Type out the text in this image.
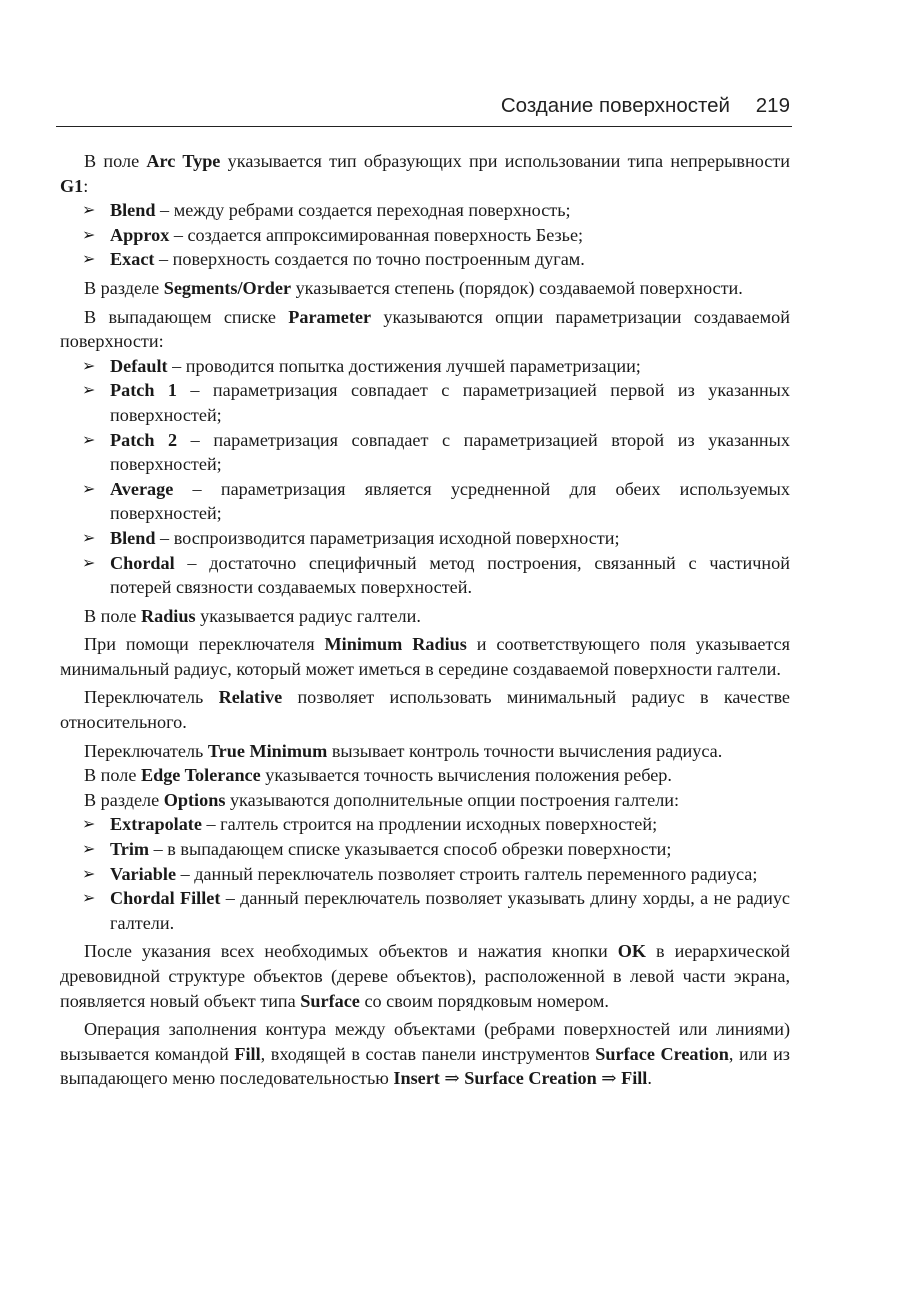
Создание поверхностей 219
В поле Arc Type указывается тип образующих при использовании типа непрерывности G1:
➢ Blend – между ребрами создается переходная поверхность;
➢ Approx – создается аппроксимированная поверхность Безье;
➢ Exact – поверхность создается по точно построенным дугам.
В разделе Segments/Order указывается степень (порядок) создаваемой поверхности.
В выпадающем списке Parameter указываются опции параметризации создаваемой поверхности:
➢ Default – проводится попытка достижения лучшей параметризации;
➢ Patch 1 – параметризация совпадает с параметризацией первой из указанных поверхностей;
➢ Patch 2 – параметризация совпадает с параметризацией второй из указанных поверхностей;
➢ Average – параметризация является усредненной для обеих используемых поверхностей;
➢ Blend – воспроизводится параметризация исходной поверхности;
➢ Chordal – достаточно специфичный метод построения, связанный с частичной потерей связности создаваемых поверхностей.
В поле Radius указывается радиус галтели.
При помощи переключателя Minimum Radius и соответствующего поля указывается минимальный радиус, который может иметься в середине создаваемой поверхности галтели.
Переключатель Relative позволяет использовать минимальный радиус в качестве относительного.
Переключатель True Minimum вызывает контроль точности вычисления радиуса.
В поле Edge Tolerance указывается точность вычисления положения ребер.
В разделе Options указываются дополнительные опции построения галтели:
➢ Extrapolate – галтель строится на продлении исходных поверхностей;
➢ Trim – в выпадающем списке указывается способ обрезки поверхности;
➢ Variable – данный переключатель позволяет строить галтель переменного радиуса;
➢ Chordal Fillet – данный переключатель позволяет указывать длину хорды, а не радиус галтели.
После указания всех необходимых объектов и нажатия кнопки OK в иерархической древовидной структуре объектов (дереве объектов), расположенной в левой части экрана, появляется новый объект типа Surface со своим порядковым номером.
Операция заполнения контура между объектами (ребрами поверхностей или линиями) вызывается командой Fill, входящей в состав панели инструментов Surface Creation, или из выпадающего меню последовательностью Insert ⇒ Surface Creation ⇒ Fill.
